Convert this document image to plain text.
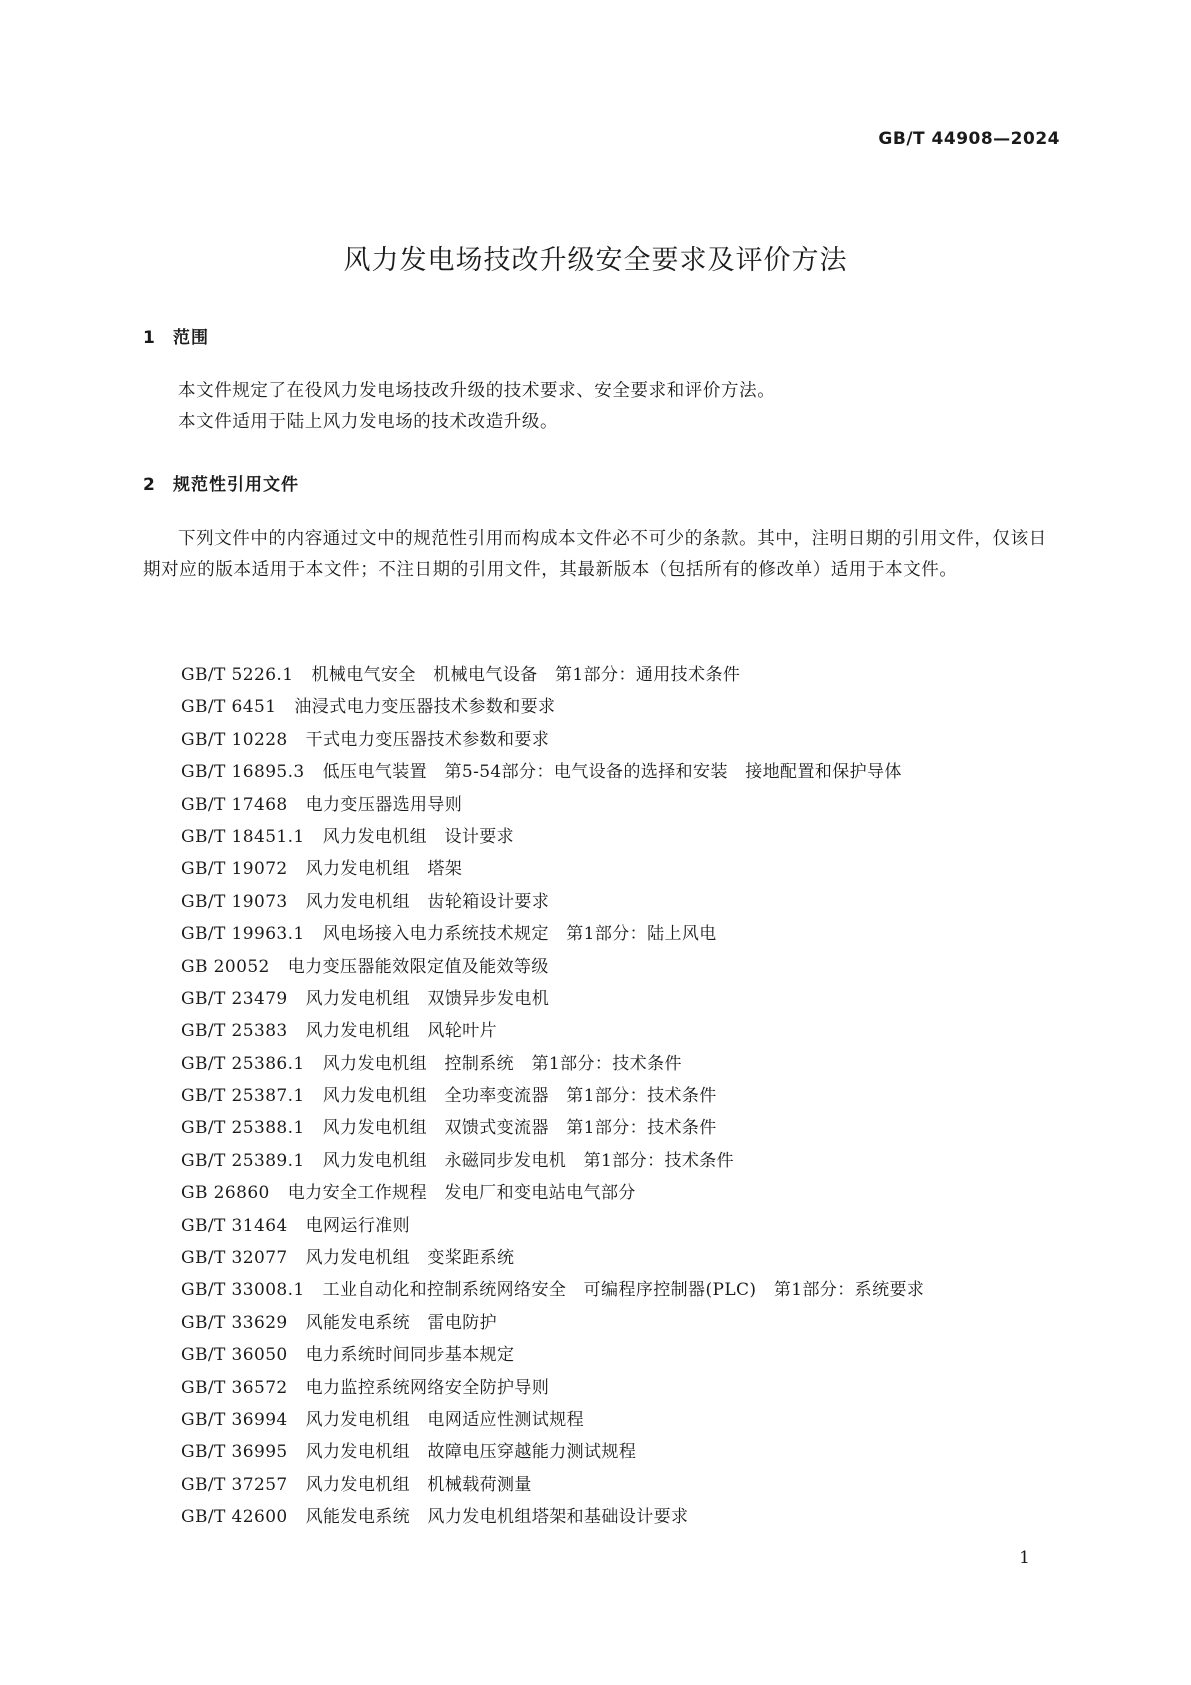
GB/T 44908—2024
风力发电场技改升级安全要求及评价方法
1 范围
本文件规定了在役风力发电场技改升级的技术要求、安全要求和评价方法。
本文件适用于陆上风力发电场的技术改造升级。
2 规范性引用文件
下列文件中的内容通过文中的规范性引用而构成本文件必不可少的条款。其中，注明日期的引用文件，仅该日期对应的版本适用于本文件；不注日期的引用文件，其最新版本（包括所有的修改单）适用于本文件。
GB/T 5226.1 机械电气安全　机械电气设备　第1部分：通用技术条件
GB/T 6451 油浸式电力变压器技术参数和要求
GB/T 10228 干式电力变压器技术参数和要求
GB/T 16895.3 低压电气装置　第5-54部分：电气设备的选择和安装　接地配置和保护导体
GB/T 17468 电力变压器选用导则
GB/T 18451.1 风力发电机组　设计要求
GB/T 19072 风力发电机组　塔架
GB/T 19073 风力发电机组　齿轮箱设计要求
GB/T 19963.1 风电场接入电力系统技术规定　第1部分：陆上风电
GB 20052 电力变压器能效限定值及能效等级
GB/T 23479 风力发电机组　双馈异步发电机
GB/T 25383 风力发电机组　风轮叶片
GB/T 25386.1 风力发电机组　控制系统　第1部分：技术条件
GB/T 25387.1 风力发电机组　全功率变流器　第1部分：技术条件
GB/T 25388.1 风力发电机组　双馈式变流器　第1部分：技术条件
GB/T 25389.1 风力发电机组　永磁同步发电机　第1部分：技术条件
GB 26860 电力安全工作规程　发电厂和变电站电气部分
GB/T 31464 电网运行准则
GB/T 32077 风力发电机组　变桨距系统
GB/T 33008.1 工业自动化和控制系统网络安全　可编程序控制器(PLC)　第1部分：系统要求
GB/T 33629 风能发电系统　雷电防护
GB/T 36050 电力系统时间同步基本规定
GB/T 36572 电力监控系统网络安全防护导则
GB/T 36994 风力发电机组　电网适应性测试规程
GB/T 36995 风力发电机组　故障电压穿越能力测试规程
GB/T 37257 风力发电机组　机械载荷测量
GB/T 42600 风能发电系统　风力发电机组塔架和基础设计要求
1
